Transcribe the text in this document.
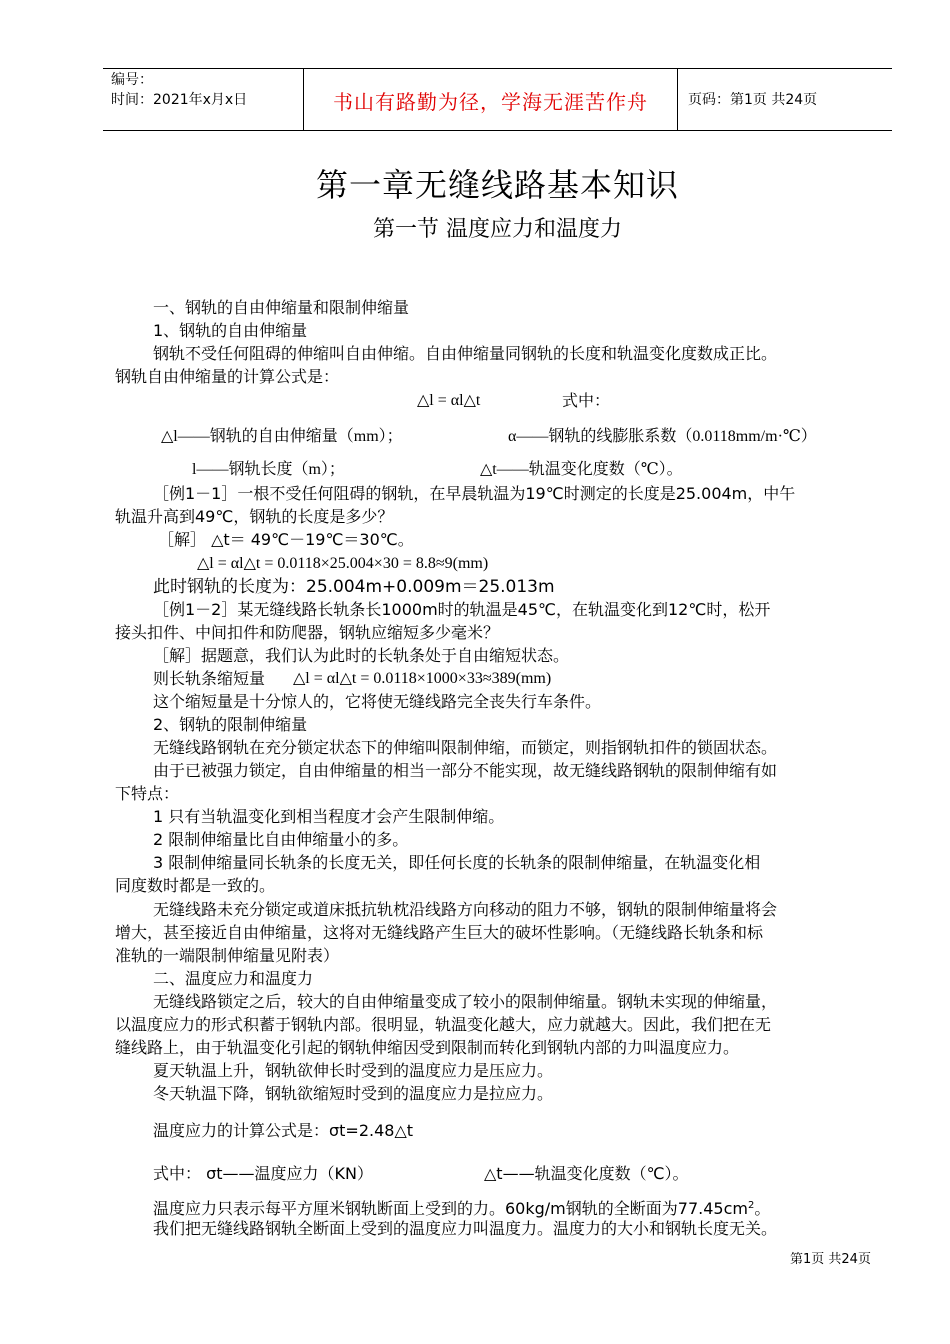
编号：
时间：2021年x月x日	书山有路勤为径，学海无涯苦作舟	页码：第1页 共24页
第一章无缝线路基本知识
第一节 温度应力和温度力
一、钢轨的自由伸缩量和限制伸缩量
1、钢轨的自由伸缩量
钢轨不受任何阻碍的伸缩叫自由伸缩。自由伸缩量同钢轨的长度和轨温变化度数成正比。
钢轨自由伸缩量的计算公式是：
△l = αl△t	式中：
△l——钢轨的自由伸缩量（mm）；	α——钢轨的线膨胀系数（0.0118mm/m·℃）
l——钢轨长度（m）；	△t——轨温变化度数（℃）。
［例1－1］一根不受任何阻碍的钢轨，在早晨轨温为19℃时测定的长度是25.004m，中午
轨温升高到49℃，钢轨的长度是多少？
［解］ △t＝ 49℃－19℃＝30℃。
△l = αl△t = 0.0118×25.004×30 = 8.8≈9(mm)
此时钢轨的长度为：25.004m+0.009m＝25.013m
［例1－2］某无缝线路长轨条长1000m时的轨温是45℃，在轨温变化到12℃时，松开
接头扣件、中间扣件和防爬器，钢轨应缩短多少毫米？
［解］据题意，我们认为此时的长轨条处于自由缩短状态。
则长轨条缩短量 △l = αl△t = 0.0118×1000×33≈389(mm)
这个缩短量是十分惊人的，它将使无缝线路完全丧失行车条件。
2、钢轨的限制伸缩量
无缝线路钢轨在充分锁定状态下的伸缩叫限制伸缩，而锁定，则指钢轨扣件的锁固状态。
由于已被强力锁定，自由伸缩量的相当一部分不能实现，故无缝线路钢轨的限制伸缩有如
下特点：
1 只有当轨温变化到相当程度才会产生限制伸缩。
2 限制伸缩量比自由伸缩量小的多。
3 限制伸缩量同长轨条的长度无关，即任何长度的长轨条的限制伸缩量，在轨温变化相
同度数时都是一致的。
无缝线路未充分锁定或道床抵抗轨枕沿线路方向移动的阻力不够，钢轨的限制伸缩量将会
增大，甚至接近自由伸缩量，这将对无缝线路产生巨大的破坏性影响。（无缝线路长轨条和标
准轨的一端限制伸缩量见附表）
二、温度应力和温度力
无缝线路锁定之后，较大的自由伸缩量变成了较小的限制伸缩量。钢轨未实现的伸缩量，
以温度应力的形式积蓄于钢轨内部。很明显，轨温变化越大，应力就越大。因此，我们把在无
缝线路上，由于轨温变化引起的钢轨伸缩因受到限制而转化到钢轨内部的力叫温度应力。
夏天轨温上升，钢轨欲伸长时受到的温度应力是压应力。
冬天轨温下降，钢轨欲缩短时受到的温度应力是拉应力。
温度应力的计算公式是：σt=2.48△t
式中： σt——温度应力（KN）	△t——轨温变化度数（℃）。
温度应力只表示每平方厘米钢轨断面上受到的力。60kg/m钢轨的全断面为$77.45cm^2$。
我们把无缝线路钢轨全断面上受到的温度应力叫温度力。温度力的大小和钢轨长度无关。
第1页 共24页
